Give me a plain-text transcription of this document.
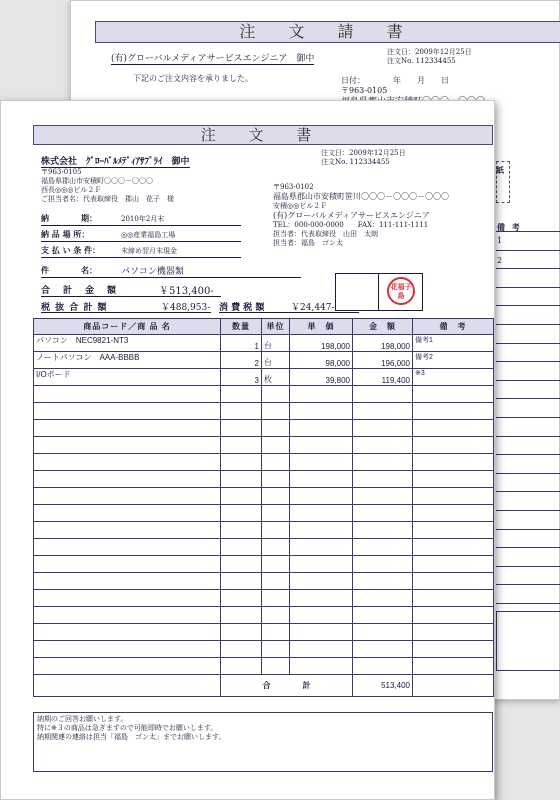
注 文 請 書
(有)グローバルメディアサービスエンジニア　御中
注文日：2009年12月25日
注文No. 112334455
下記のご注文内容を承りました。	日付：　　　　年　　月　　日
〒963-0105
紙
備 考
1
2
注 文 書
株式会社　ｸﾞﾛｰﾊﾞﾙﾒﾃﾞｨｱｻﾌﾟﾗｲ　御中
〒963-0105
福島県郡山市安積町〇〇〇－〇〇〇
西長◎◎◎ビル２Ｆ
ご担当者名：代表取締役　郡山　花子　様
注文日：2009年12月25日
注文No. 112334455
〒963-0102
福島県郡山市安積町笹川〇〇〇－〇〇〇－〇〇〇
安積◎◎ビル２Ｆ
(有)グローバルメディアサービスエンジニア
TEL：000-000-0000　　FAX：111-111-1111
担当者：代表取締役　山田　太朗
担当者：福島　ゴン太
納　　　　期：	2010年2月末
納 品 場 所：	◎◎産業福島工場
支 払 い 条 件：	末締め翌月末現金
件　　　　名：	パソコン機器類
合　計　金　額	￥513,400-
税 抜 合 計 額	￥488,953- 消 費 税 額	￥24,447-
花福子島
商品コード／商 品 名	数量	単位	単　価	金　額	備　考
パソコン　NEC9821-NT3	1	台	198,000	198,000	備考1
ノートパソコン　AAA-BBBB	2	台	98,000	196,000	備考2
I/Oボード	3	枚	39,800	119,400	※3

	合　　　　計			513,400	
納期のご回答お願いします。
特に※３の商品は急ぎますので可能即時でお願いします。
納期関連の連絡は担当「福島　ゴン太」までお願いします。
